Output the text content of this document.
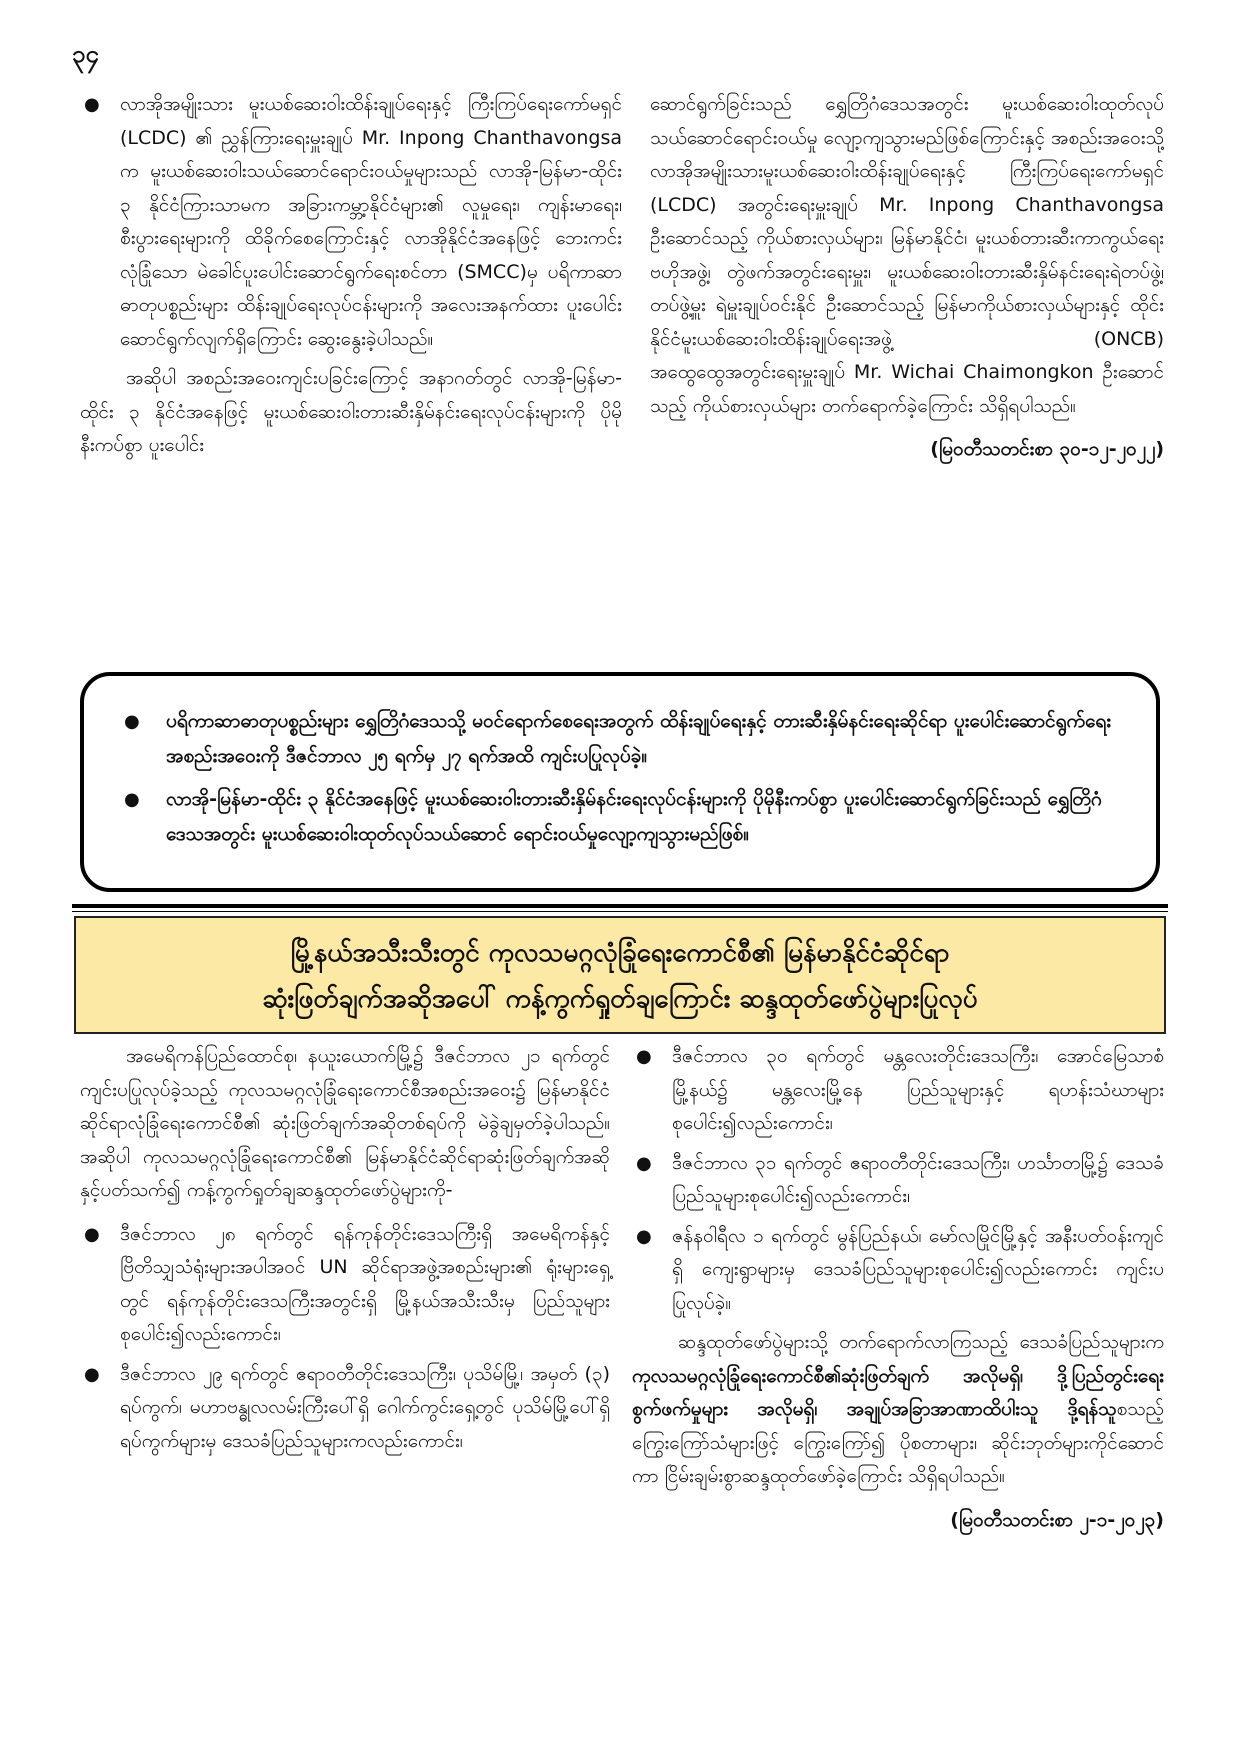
၃၄

● လာအိုအမျိုးသား မူးယစ်ဆေးဝါးထိန်းချုပ်ရေးနှင့် ကြီးကြပ်ရေးကော်မရှင် (LCDC) ၏ ညွှန်ကြားရေးမှူးချုပ် Mr. Inpong Chanthavongsa က မူးယစ်ဆေးဝါးသယ်ဆောင်ရောင်းဝယ်မှုများသည် လာအို-မြန်မာ-ထိုင်း ၃ နိုင်ငံကြားသာမက အခြားကမ္ဘာ့နိုင်ငံများ၏ လူမှုရေး၊ ကျန်းမာရေး၊ စီးပွားရေးများကို ထိခိုက်စေကြောင်းနှင့် လာအိုနိုင်ငံအနေဖြင့် ဘေးကင်းလုံခြုံသော မဲခေါင်ပူးပေါင်းဆောင်ရွက်ရေးစင်တာ (SMCC)မှ ပရိကာဆာဓာတုပစ္စည်းများ ထိန်းချုပ်ရေးလုပ်ငန်းများကို အလေးအနက်ထား ပူးပေါင်းဆောင်ရွက်လျက်ရှိကြောင်း ဆွေးနွေးခဲ့ပါသည်။

အဆိုပါ အစည်းအဝေးကျင်းပခြင်းကြောင့် အနာဂတ်တွင် လာအို-မြန်မာ-ထိုင်း ၃ နိုင်ငံအနေဖြင့် မူးယစ်ဆေးဝါးတားဆီးနှိမ်နင်းရေးလုပ်ငန်းများကို ပိုမိုနီးကပ်စွာ ပူးပေါင်း

ဆောင်ရွက်ခြင်းသည် ရွှေတြိဂံဒေသအတွင်း မူးယစ်ဆေးဝါးထုတ်လုပ်သယ်ဆောင်ရောင်းဝယ်မှု လျော့ကျသွားမည်ဖြစ်ကြောင်းနှင့် အစည်းအဝေးသို့ လာအိုအမျိုးသားမူးယစ်ဆေးဝါးထိန်းချုပ်ရေးနှင့် ကြီးကြပ်ရေးကော်မရှင် (LCDC) အတွင်းရေးမှူးချုပ် Mr. Inpong Chanthavongsa ဦးဆောင်သည့် ကိုယ်စားလှယ်များ၊ မြန်မာနိုင်ငံ၊ မူးယစ်တားဆီးကာကွယ်ရေးဗဟိုအဖွဲ့၊ တွဲဖက်အတွင်းရေးမှူး၊ မူးယစ်ဆေးဝါးတားဆီးနှိမ်နင်းရေးရဲတပ်ဖွဲ့၊ တပ်ဖွဲ့မှူး ရဲမှူးချုပ်ဝင်းနိုင် ဦးဆောင်သည့် မြန်မာကိုယ်စားလှယ်များနှင့် ထိုင်းနိုင်ငံမူးယစ်ဆေးဝါးထိန်းချုပ်ရေးအဖွဲ့ (ONCB) အထွေထွေအတွင်းရေးမှူးချုပ် Mr. Wichai Chaimongkon ဦးဆောင်သည့် ကိုယ်စားလှယ်များ တက်ရောက်ခဲ့ကြောင်း သိရှိရပါသည်။

(မြဝတီသတင်းစာ ၃၀-၁၂-၂၀၂၂)

● ပရိကာဆာဓာတုပစ္စည်းများ ရွှေတြိဂံဒေသသို့ မဝင်ရောက်စေရေးအတွက် ထိန်းချုပ်ရေးနှင့် တားဆီးနှိမ်နင်းရေးဆိုင်ရာ ပူးပေါင်းဆောင်ရွက်ရေးအစည်းအဝေးကို ဒီဇင်ဘာလ ၂၅ ရက်မှ ၂၇ ရက်အထိ ကျင်းပပြုလုပ်ခဲ့။

● လာအို-မြန်မာ-ထိုင်း ၃ နိုင်ငံအနေဖြင့် မူးယစ်ဆေးဝါးတားဆီးနှိမ်နင်းရေးလုပ်ငန်းများကို ပိုမိုနီးကပ်စွာ ပူးပေါင်းဆောင်ရွက်ခြင်းသည် ရွှေတြိဂံဒေသအတွင်း မူးယစ်ဆေးဝါးထုတ်လုပ်သယ်ဆောင် ရောင်းဝယ်မှုလျော့ကျသွားမည်ဖြစ်။

မြို့နယ်အသီးသီးတွင် ကုလသမဂ္ဂလုံခြုံရေးကောင်စီ၏ မြန်မာနိုင်ငံဆိုင်ရာ
ဆုံးဖြတ်ချက်အဆိုအပေါ် ကန့်ကွက်ရှုတ်ချကြောင်း ဆန္ဒထုတ်ဖော်ပွဲများပြုလုပ်

အမေရိကန်ပြည်ထောင်စု၊ နယူးယောက်မြို့၌ ဒီဇင်ဘာလ ၂၁ ရက်တွင် ကျင်းပပြုလုပ်ခဲ့သည့် ကုလသမဂ္ဂလုံခြုံရေးကောင်စီအစည်းအဝေး၌ မြန်မာနိုင်ငံဆိုင်ရာလုံခြုံရေးကောင်စီ၏ ဆုံးဖြတ်ချက်အဆိုတစ်ရပ်ကို မဲခွဲချမှတ်ခဲ့ပါသည်။ အဆိုပါ ကုလသမဂ္ဂလုံခြုံရေးကောင်စီ၏ မြန်မာနိုင်ငံဆိုင်ရာဆုံးဖြတ်ချက်အဆိုနှင့်ပတ်သက်၍ ကန့်ကွက်ရှုတ်ချဆန္ဒထုတ်ဖော်ပွဲများကို-

● ဒီဇင်ဘာလ ၂၈ ရက်တွင် ရန်ကုန်တိုင်းဒေသကြီးရှိ အမေရိကန်နှင့် ဗြိတိသျှသံရုံးများအပါအဝင် UN ဆိုင်ရာအဖွဲ့အစည်းများ၏ ရုံးများရှေ့တွင် ရန်ကုန်တိုင်းဒေသကြီးအတွင်းရှိ မြို့နယ်အသီးသီးမှ ပြည်သူများစုပေါင်း၍လည်းကောင်း၊

● ဒီဇင်ဘာလ ၂၉ ရက်တွင် ဧရာဝတီတိုင်းဒေသကြီး၊ ပုသိမ်မြို့၊ အမှတ် (၃) ရပ်ကွက်၊ မဟာဗန္ဓုလလမ်းကြီးပေါ်ရှိ ဂေါက်ကွင်းရှေ့တွင် ပုသိမ်မြို့ပေါ်ရှိ ရပ်ကွက်များမှ ဒေသခံပြည်သူများကလည်းကောင်း၊

● ဒီဇင်ဘာလ ၃၀ ရက်တွင် မန္တလေးတိုင်းဒေသကြီး၊ အောင်မြေသာစံမြို့နယ်၌ မန္တလေးမြို့နေ ပြည်သူများနှင့် ရဟန်းသံဃာများစုပေါင်း၍လည်းကောင်း၊

● ဒီဇင်ဘာလ ၃၁ ရက်တွင် ဧရာဝတီတိုင်းဒေသကြီး၊ ဟင်္သာတမြို့၌ ဒေသခံပြည်သူများစုပေါင်း၍လည်းကောင်း၊

● ဇန်နဝါရီလ ၁ ရက်တွင် မွန်ပြည်နယ်၊ မော်လမြိုင်မြို့နှင့် အနီးပတ်ဝန်းကျင်ရှိ ကျေးရွာများမှ ဒေသခံပြည်သူများစုပေါင်း၍လည်းကောင်း ကျင်းပပြုလုပ်ခဲ့။

ဆန္ဒထုတ်ဖော်ပွဲများသို့ တက်ရောက်လာကြသည့် ဒေသခံပြည်သူများက ကုလသမဂ္ဂလုံခြုံရေးကောင်စီ၏ဆုံးဖြတ်ချက် အလိုမရှိ၊ ဒို့ပြည်တွင်းရေးစွက်ဖက်မှုများ အလိုမရှိ၊ အချုပ်အခြာအာဏာထိပါးသူ ဒို့ရန်သူစသည့် ကြွေးကြော်သံများဖြင့် ကြွေးကြော်၍ ပိုစတာများ၊ ဆိုင်းဘုတ်များကိုင်ဆောင်ကာ ငြိမ်းချမ်းစွာဆန္ဒထုတ်ဖော်ခဲ့ကြောင်း သိရှိရပါသည်။

(မြဝတီသတင်းစာ ၂-၁-၂၀၂၃)
